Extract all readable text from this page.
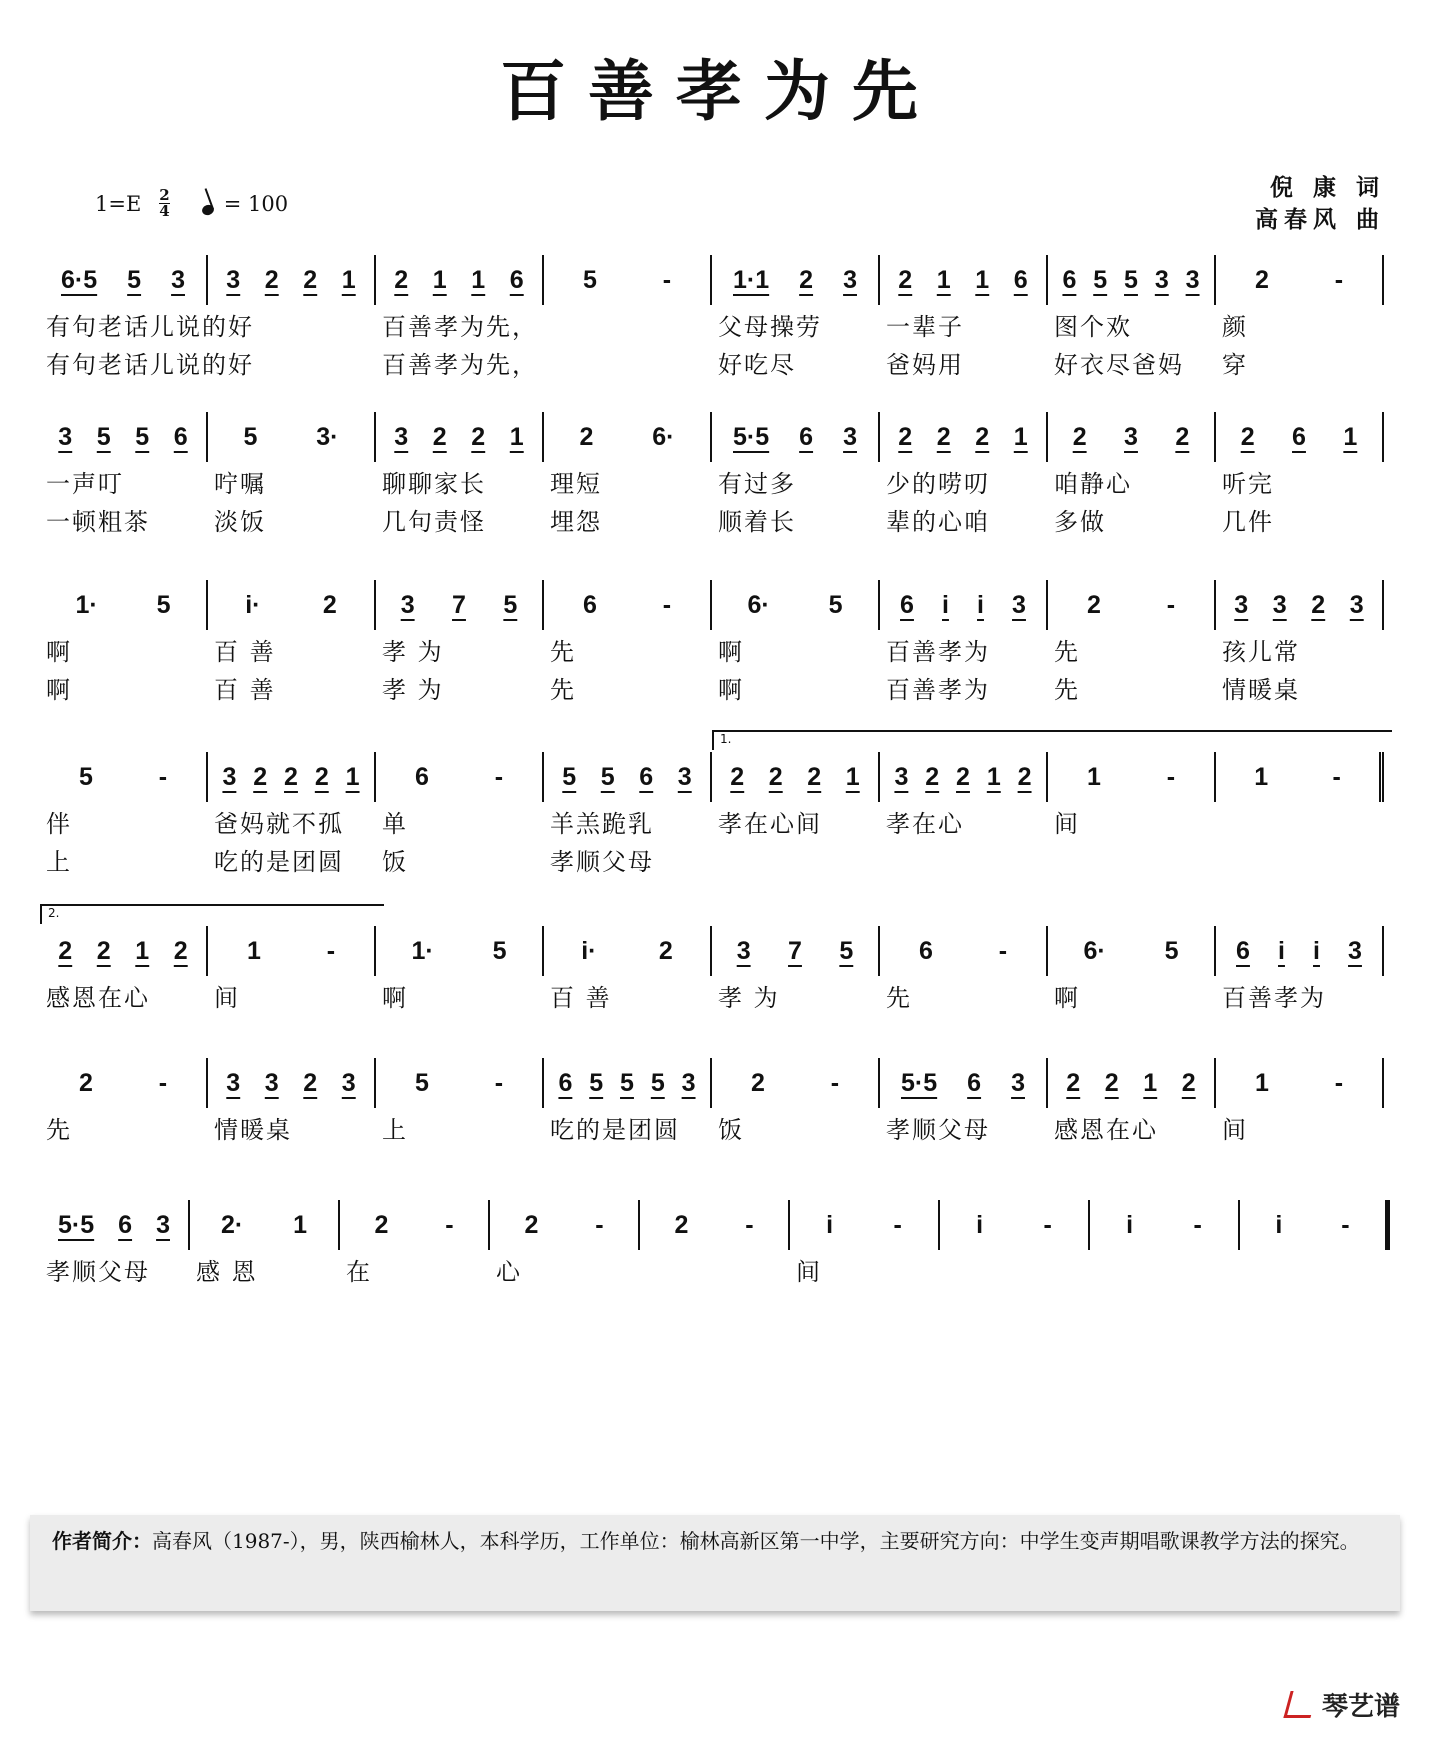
百善孝为先
$1=E \frac{2}{4}$	= 100
倪 康 词
高春风 曲
6·5 5 3 3 2 2 1 2 1 1 6 5	- 1·1 2 3 2 1 1 6 6 5 5 3 3 2	-
有句老话儿说的好	百善孝为先，	父母操劳	一辈子	图个欢	颜
有句老话儿说的好	百善孝为先，	好吃尽	爸妈用	好衣尽爸妈	穿
3 5 5 6 5 3· 3 2 2 1 2 6· 5·5 6 3 2 2 2 1 2 3 2 2 6 1
一声叮	咛嘱	聊聊家长	理短	有过多	少的唠叨	咱静心	听完
一顿粗茶	淡饭	几句责怪	埋怨	顺着长	辈的心咱	多做	几件
1· 5	i· 2	3 7 5	6	-	6· 5 6 i i 3 2	- 3 3 2 3
啊	百 善	孝 为	先	啊	百善孝为	先	孩儿常
啊	百 善	孝 为	先	啊	百善孝为	先	情暖桌
1.
5	- 3 2 2 2 1 6	- 5 5 6 3 2 2 2 1 3 2 2 1 2 1	-	1	-
伴	爸妈就不孤	单	羊羔跪乳	孝在心间	孝在心	间
上	吃的是团圆	饭	孝顺父母
2.
2 2 1 2 1	-	1· 5	i· 2	3 7 5	6	-	6· 5 6 i i 3
感恩在心	间	啊	百 善	孝 为	先	啊	百善孝为
2	- 3 3 2 3 5	- 6 5 5 5 3 2	- 5·5 6 3 2 2 1 2 1	-
先	情暖桌	上	吃的是团圆	饭	孝顺父母	感恩在心	间
5·5 6 3 2· 1	2 -	2 -	2 -	i -	i -	i -	i -
孝顺父母	感 恩	在	心	间
作者简介：高春风（1987-），男，陕西榆林人，本科学历，工作单位：榆林高新区第一中学，主要研究方向：中学生变声期唱歌课教学方法的探究。
琴艺谱
